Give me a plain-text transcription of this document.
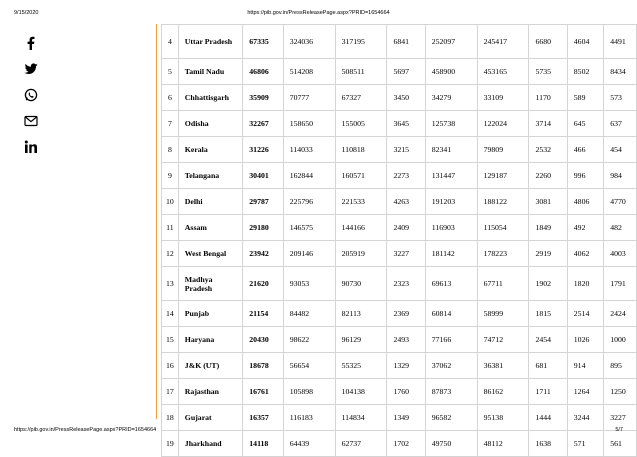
9/15/2020	https://pib.gov.in/PressReleasePage.aspx?PRID=1654664
4	Uttar Pradesh	67335	324036	317195	6841	252097	245417	6680	4604	4491
5	Tamil Nadu	46806	514208	508511	5697	458900	453165	5735	8502	8434
6	Chhattisgarh	35909	70777	67327	3450	34279	33109	1170	589	573
7	Odisha	32267	158650	155005	3645	125738	122024	3714	645	637
8	Kerala	31226	114033	110818	3215	82341	79809	2532	466	454
9	Telangana	30401	162844	160571	2273	131447	129187	2260	996	984
10	Delhi	29787	225796	221533	4263	191203	188122	3081	4806	4770
11	Assam	29180	146575	144166	2409	116903	115054	1849	492	482
12	West Bengal	23942	209146	205919	3227	181142	178223	2919	4062	4003
13	Madhya Pradesh	21620	93053	90730	2323	69613	67711	1902	1820	1791
14	Punjab	21154	84482	82113	2369	60814	58999	1815	2514	2424
15	Haryana	20430	98622	96129	2493	77166	74712	2454	1026	1000
16	J&K (UT)	18678	56654	55325	1329	37062	36381	681	914	895
17	Rajasthan	16761	105898	104138	1760	87873	86162	1711	1264	1250
18	Gujarat	16357	116183	114834	1349	96582	95138	1444	3244	3227
19	Jharkhand	14118	64439	62737	1702	49750	48112	1638	571	561
https://pib.gov.in/PressReleasePage.aspx?PRID=1654664	5/7
